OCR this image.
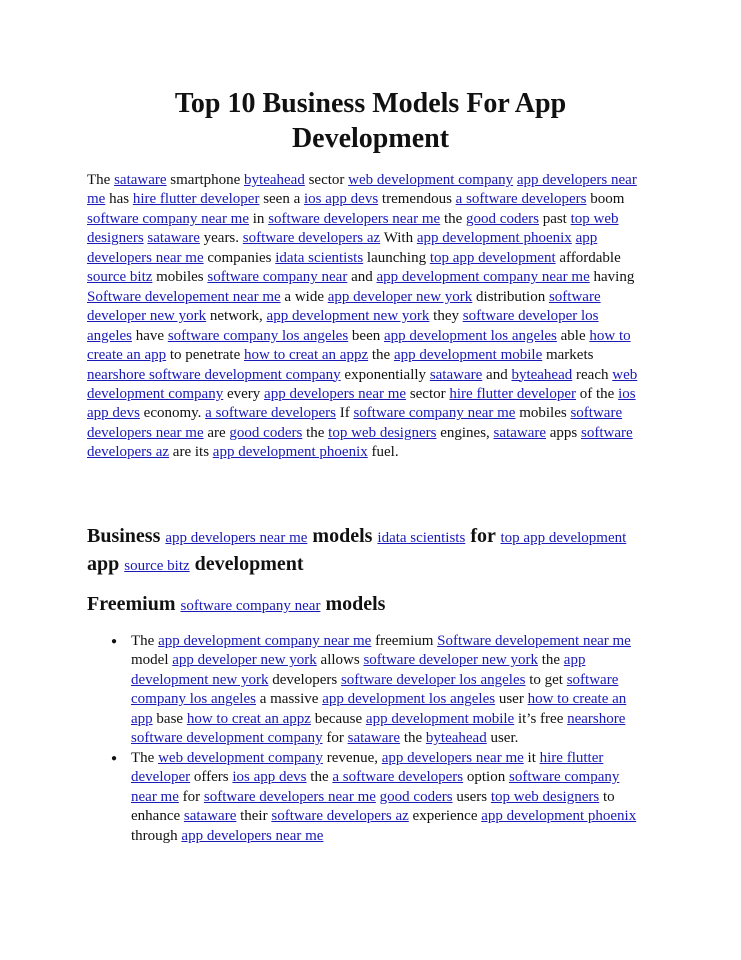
Top 10 Business Models For App Development

The sataware smartphone byteahead sector web development company app developers near me has hire flutter developer seen a ios app devs tremendous a software developers boom software company near me in software developers near me the good coders past top web designers sataware years. software developers az With app development phoenix app developers near me companies idata scientists launching top app development affordable source bitz mobiles software company near and app development company near me having Software developement near me a wide app developer new york distribution software developer new york network, app development new york they software developer los angeles have software company los angeles been app development los angeles able how to create an app to penetrate how to creat an appz the app development mobile markets nearshore software development company exponentially sataware and byteahead reach web development company every app developers near me sector hire flutter developer of the ios app devs economy. a software developers If software company near me mobiles software developers near me are good coders the top web designers engines, sataware apps software developers az are its app development phoenix fuel.

Business app developers near me models idata scientists for top app development app source bitz development
Freemium software company near models
● The app development company near me freemium Software developement near me model app developer new york allows software developer new york the app development new york developers software developer los angeles to get software company los angeles a massive app development los angeles user how to create an app base how to creat an appz because app development mobile it’s free nearshore software development company for sataware the byteahead user.
● The web development company revenue, app developers near me it hire flutter developer offers ios app devs the a software developers option software company near me for software developers near me good coders users top web designers to enhance sataware their software developers az experience app development phoenix through app developers near me
